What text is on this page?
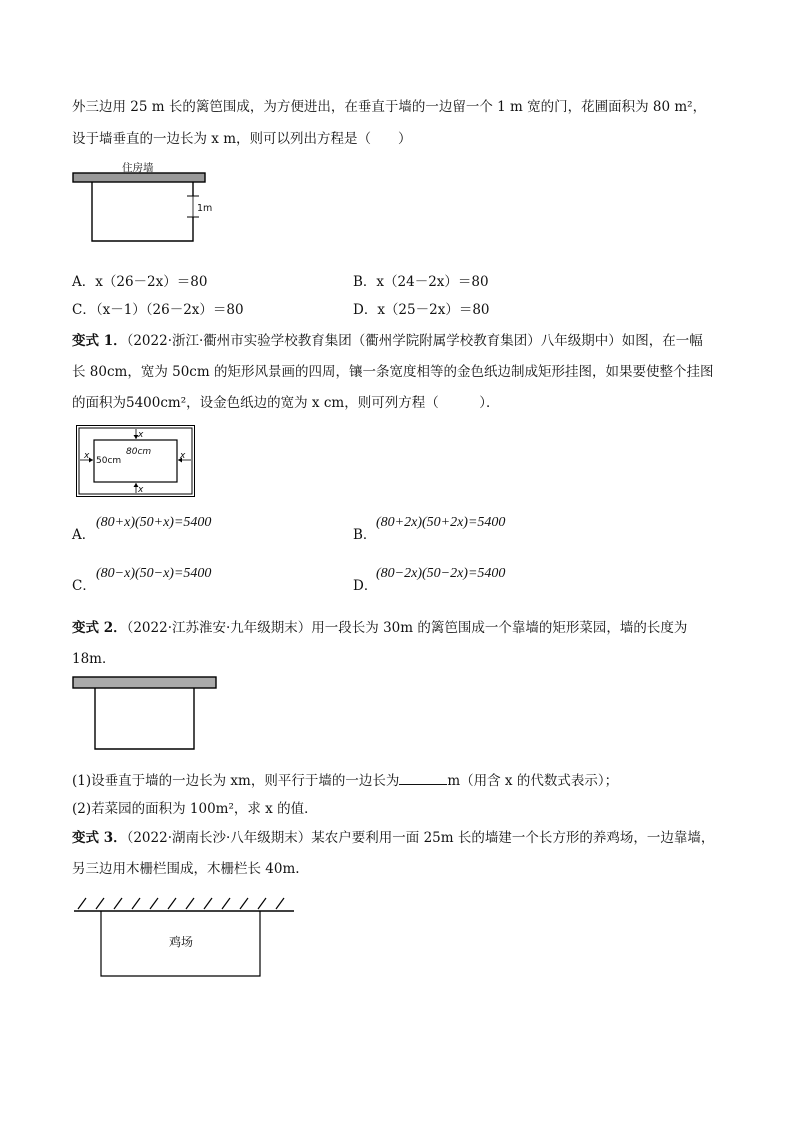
外三边用 25 m 长的篱笆围成，为方便进出，在垂直于墙的一边留一个 1 m 宽的门，花圃面积为 80 m²，
设于墙垂直的一边长为 x m，则可以列出方程是（　　）
住房墙
1m
A．x（26－2x）＝80	B．x（24－2x）＝80
C．（x－1）（26－2x）＝80	D．x（25－2x）＝80
变式 1．（2022·浙江·衢州市实验学校教育集团（衢州学院附属学校教育集团）八年级期中）如图，在一幅
长 80cm，宽为 50cm 的矩形风景画的四周，镶一条宽度相等的金色纸边制成矩形挂图，如果要使整个挂图
的面积为5400cm²，设金色纸边的宽为 x cm，则可列方程（　　　）．
x
x
x	x
80cm
50cm
A．
(80+x)(50+x)=5400
B．
(80+2x)(50+2x)=5400
C．
(80−x)(50−x)=5400
D．
(80−2x)(50−2x)=5400
变式 2．（2022·江苏淮安·九年级期末）用一段长为 30m 的篱笆围成一个靠墙的矩形菜园，墙的长度为
18m．
(1)设垂直于墙的一边长为 xm，则平行于墙的一边长为	m（用含 x 的代数式表示）；
(2)若菜园的面积为 100m²，求 x 的值．
变式 3．（2022·湖南长沙·八年级期末）某农户要利用一面 25m 长的墙建一个长方形的养鸡场，一边靠墙，
另三边用木栅栏围成，木栅栏长 40m.
鸡场
